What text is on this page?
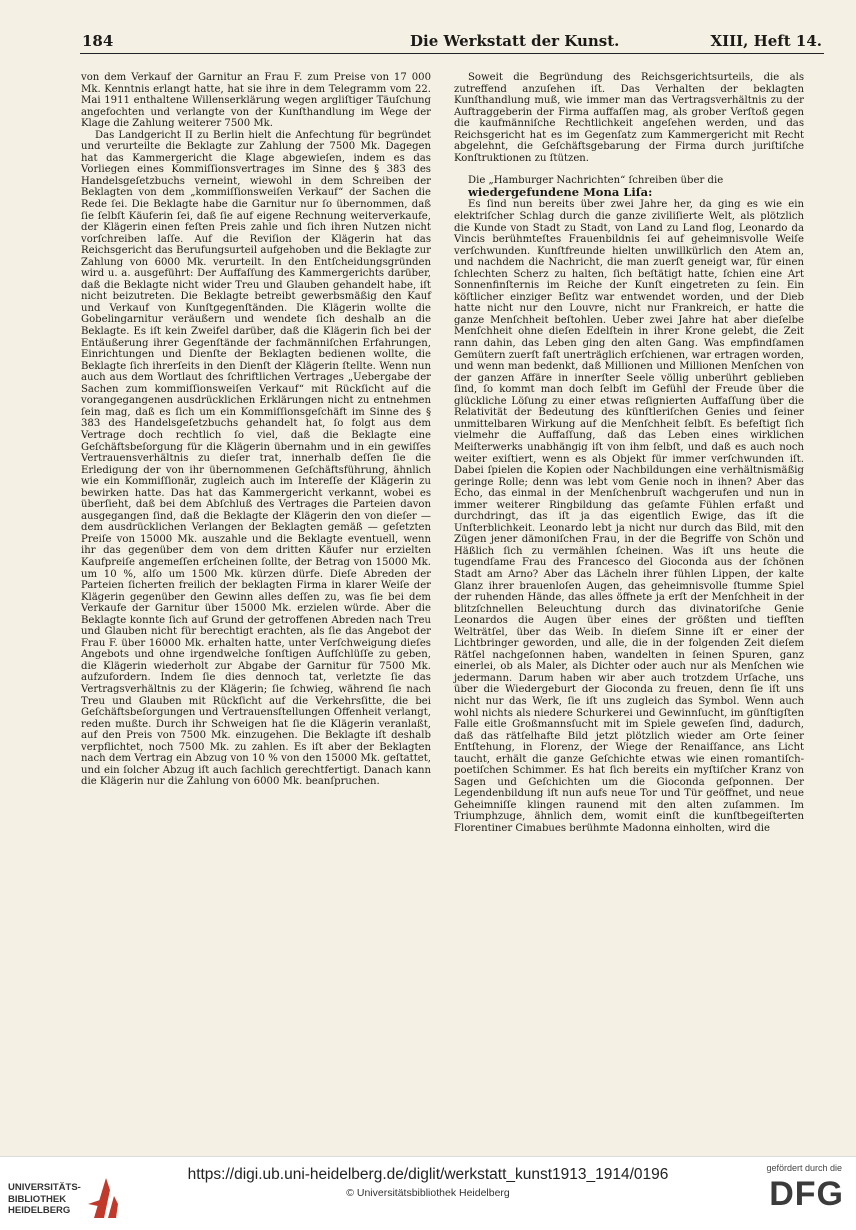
184	Die Werkstatt der Kunst.	XIII, Heft 14.

von dem Verkauf der Garnitur an Frau F. zum Preise von 17 000 Mk. Kenntnis erlangt hatte, hat sie ihre in dem Telegramm vom 22. Mai 1911 enthaltene Willenserklärung wegen argliſtiger Täuſchung angefochten und verlangte von der Kunſthandlung im Wege der Klage die Zahlung weiterer 7500 Mk.

Das Landgericht II zu Berlin hielt die Anfechtung für begründet und verurteilte die Beklagte zur Zahlung der 7500 Mk. Dagegen hat das Kammergericht die Klage abgewieſen, indem es das Vorliegen eines Kommiſſionsvertrages im Sinne des § 383 des Handelsgeſetzbuchs verneint, wiewohl in dem Schreiben der Beklagten von dem „kommiſſionsweiſen Verkauf“ der Sachen die Rede ſei. Die Beklagte habe die Garnitur nur ſo übernommen, daß ſie ſelbſt Käuferin ſei, daß ſie auf eigene Rechnung weiterverkaufe, der Klägerin einen feſten Preis zahle und ſich ihren Nutzen nicht vorſchreiben laſſe. Auf die Reviſion der Klägerin hat das Reichsgericht das Berufungsurteil aufgehoben und die Beklagte zur Zahlung von 6000 Mk. verurteilt. In den Entſcheidungsgründen wird u. a. ausgeführt: Der Auffaſſung des Kammergerichts darüber, daß die Beklagte nicht wider Treu und Glauben gehandelt habe, iſt nicht beizutreten. Die Beklagte betreibt gewerbsmäßig den Kauf und Verkauf von Kunſtgegenſtänden. Die Klägerin wollte die Gobelingarnitur veräußern und wendete ſich deshalb an die Beklagte. Es iſt kein Zweifel darüber, daß die Klägerin ſich bei der Entäußerung ihrer Gegenſtände der fachmänniſchen Erfahrungen, Einrichtungen und Dienſte der Beklagten bedienen wollte, die Beklagte ſich ihrerſeits in den Dienſt der Klägerin ſtellte. Wenn nun auch aus dem Wortlaut des ſchriftlichen Vertrages „Uebergabe der Sachen zum kommiſſionsweiſen Verkauf“ mit Rückſicht auf die vorangegangenen ausdrücklichen Erklärungen nicht zu entnehmen ſein mag, daß es ſich um ein Kommiſſionsgeſchäft im Sinne des § 383 des Handelsgeſetzbuchs gehandelt hat, ſo folgt aus dem Vertrage doch rechtlich ſo viel, daß die Beklagte eine Geſchäftsbeſorgung für die Klägerin übernahm und in ein gewiſſes Vertrauensverhältnis zu dieſer trat, innerhalb deſſen ſie die Erledigung der von ihr übernommenen Geſchäftsführung, ähnlich wie ein Kommiſſionär, zugleich auch im Intereſſe der Klägerin zu bewirken hatte. Das hat das Kammergericht verkannt, wobei es überſieht, daß bei dem Abſchluß des Vertrages die Parteien davon ausgegangen ſind, daß die Beklagte der Klägerin den von dieſer — dem ausdrücklichen Verlangen der Beklagten gemäß — geſetzten Preiſe von 15000 Mk. auszahle und die Beklagte eventuell, wenn ihr das gegenüber dem von dem dritten Käufer nur erzielten Kaufpreiſe angemeſſen erſcheinen ſollte, der Betrag von 15000 Mk. um 10 %, alſo um 1500 Mk. kürzen dürfe. Dieſe Abreden der Parteien ſicherten freilich der beklagten Firma in klarer Weiſe der Klägerin gegenüber den Gewinn alles deſſen zu, was ſie bei dem Verkaufe der Garnitur über 15000 Mk. erzielen würde. Aber die Beklagte konnte ſich auf Grund der getroffenen Abreden nach Treu und Glauben nicht für berechtigt erachten, als ſie das Angebot der Frau F. über 16000 Mk. erhalten hatte, unter Verſchweigung dieſes Angebots und ohne irgendwelche ſonſtigen Aufſchlüſſe zu geben, die Klägerin wiederholt zur Abgabe der Garnitur für 7500 Mk. aufzufordern. Indem ſie dies dennoch tat, verletzte ſie das Vertragsverhältnis zu der Klägerin; ſie ſchwieg, während ſie nach Treu und Glauben mit Rückſicht auf die Verkehrsſitte, die bei Geſchäftsbeſorgungen und Vertrauensſtellungen Offenheit verlangt, reden mußte. Durch ihr Schweigen hat ſie die Klägerin veranlaßt, auf den Preis von 7500 Mk. einzugehen. Die Beklagte iſt deshalb verpflichtet, noch 7500 Mk. zu zahlen. Es iſt aber der Beklagten nach dem Vertrag ein Abzug von 10 % von den 15000 Mk. geſtattet, und ein ſolcher Abzug iſt auch ſachlich gerechtfertigt. Danach kann die Klägerin nur die Zahlung von 6000 Mk. beanſpruchen.

Soweit die Begründung des Reichsgerichtsurteils, die als zutreffend anzuſehen iſt. Das Verhalten der beklagten Kunſthandlung muß, wie immer man das Vertragsverhältnis zu der Auftraggeberin der Firma auffaſſen mag, als grober Verſtoß gegen die kaufmänniſche Rechtlichkeit angeſehen werden, und das Reichsgericht hat es im Gegenſatz zum Kammergericht mit Recht abgelehnt, die Geſchäftsgebarung der Firma durch juriſtiſche Konſtruktionen zu ſtützen.

Die „Hamburger Nachrichten“ ſchreiben über die

wiedergefundene Mona Liſa:

Es ſind nun bereits über zwei Jahre her, da ging es wie ein elektriſcher Schlag durch die ganze ziviliſierte Welt, als plötzlich die Kunde von Stadt zu Stadt, von Land zu Land flog, Leonardo da Vincis berühmteſtes Frauenbildnis ſei auf geheimnisvolle Weiſe verſchwunden. Kunſtfreunde hielten unwillkürlich den Atem an, und nachdem die Nachricht, die man zuerſt geneigt war, für einen ſchlechten Scherz zu halten, ſich beſtätigt hatte, ſchien eine Art Sonnenfinſternis im Reiche der Kunſt eingetreten zu ſein. Ein köſtlicher einziger Beſitz war entwendet worden, und der Dieb hatte nicht nur den Louvre, nicht nur Frankreich, er hatte die ganze Menſchheit beſtohlen. Ueber zwei Jahre hat aber dieſelbe Menſchheit ohne dieſen Edelſtein in ihrer Krone gelebt, die Zeit rann dahin, das Leben ging den alten Gang. Was empfindſamen Gemütern zuerſt faſt unerträglich erſchienen, war ertragen worden, und wenn man bedenkt, daß Millionen und Millionen Menſchen von der ganzen Affäre in innerſter Seele völlig unberührt geblieben ſind, ſo kommt man doch ſelbſt im Gefühl der Freude über die glückliche Löſung zu einer etwas reſignierten Auffaſſung über die Relativität der Bedeutung des künſtleriſchen Genies und ſeiner unmittelbaren Wirkung auf die Menſchheit ſelbſt. Es befeſtigt ſich vielmehr die Auffaſſung, daß das Leben eines wirklichen Meiſterwerks unabhängig iſt von ihm ſelbſt, und daß es auch noch weiter exiſtiert, wenn es als Objekt für immer verſchwunden iſt. Dabei ſpielen die Kopien oder Nachbildungen eine verhältnismäßig geringe Rolle; denn was lebt vom Genie noch in ihnen? Aber das Echo, das einmal in der Menſchenbruſt wachgerufen und nun in immer weiterer Ringbildung das geſamte Fühlen erfaßt und durchdringt, das iſt ja das eigentlich Ewige, das iſt die Unſterblichkeit. Leonardo lebt ja nicht nur durch das Bild, mit den Zügen jener dämoniſchen Frau, in der die Begriffe von Schön und Häßlich ſich zu vermählen ſcheinen. Was iſt uns heute die tugendſame Frau des Francesco del Gioconda aus der ſchönen Stadt am Arno? Aber das Lächeln ihrer fühlen Lippen, der kalte Glanz ihrer brauenloſen Augen, das geheimnisvolle ſtumme Spiel der ruhenden Hände, das alles öffnete ja erſt der Menſchheit in der blitzſchnellen Beleuchtung durch das divinatoriſche Genie Leonardos die Augen über eines der größten und tiefſten Welträtſel, über das Weib. In dieſem Sinne iſt er einer der Lichtbringer geworden, und alle, die in der folgenden Zeit dieſem Rätſel nachgeſonnen haben, wandelten in ſeinen Spuren, ganz einerlei, ob als Maler, als Dichter oder auch nur als Menſchen wie jedermann. Darum haben wir aber auch trotzdem Urſache, uns über die Wiedergeburt der Gioconda zu freuen, denn ſie iſt uns nicht nur das Werk, ſie iſt uns zugleich das Symbol. Wenn auch wohl nichts als niedere Schurkerei und Gewinnſucht, im günſtigſten Falle eitle Großmannsſucht mit im Spiele geweſen ſind, dadurch, daß das rätſelhafte Bild jetzt plötzlich wieder am Orte ſeiner Entſtehung, in Florenz, der Wiege der Renaiſſance, ans Licht taucht, erhält die ganze Geſchichte etwas wie einen romantiſch-poetiſchen Schimmer. Es hat ſich bereits ein myſtiſcher Kranz von Sagen und Geſchichten um die Gioconda geſponnen. Der Legendenbildung iſt nun aufs neue Tor und Tür geöffnet, und neue Geheimniſſe klingen raunend mit den alten zuſammen. Im Triumphzuge, ähnlich dem, womit einſt die kunſtbegeiſterten Florentiner Cimabues berühmte Madonna einholten, wird die

UNIVERSITÄTS-
BIBLIOTHEK
HEIDELBERG
https://digi.ub.uni-heidelberg.de/diglit/werkstatt_kunst1913_1914/0196
© Universitätsbibliothek Heidelberg
gefördert durch die
DFG
